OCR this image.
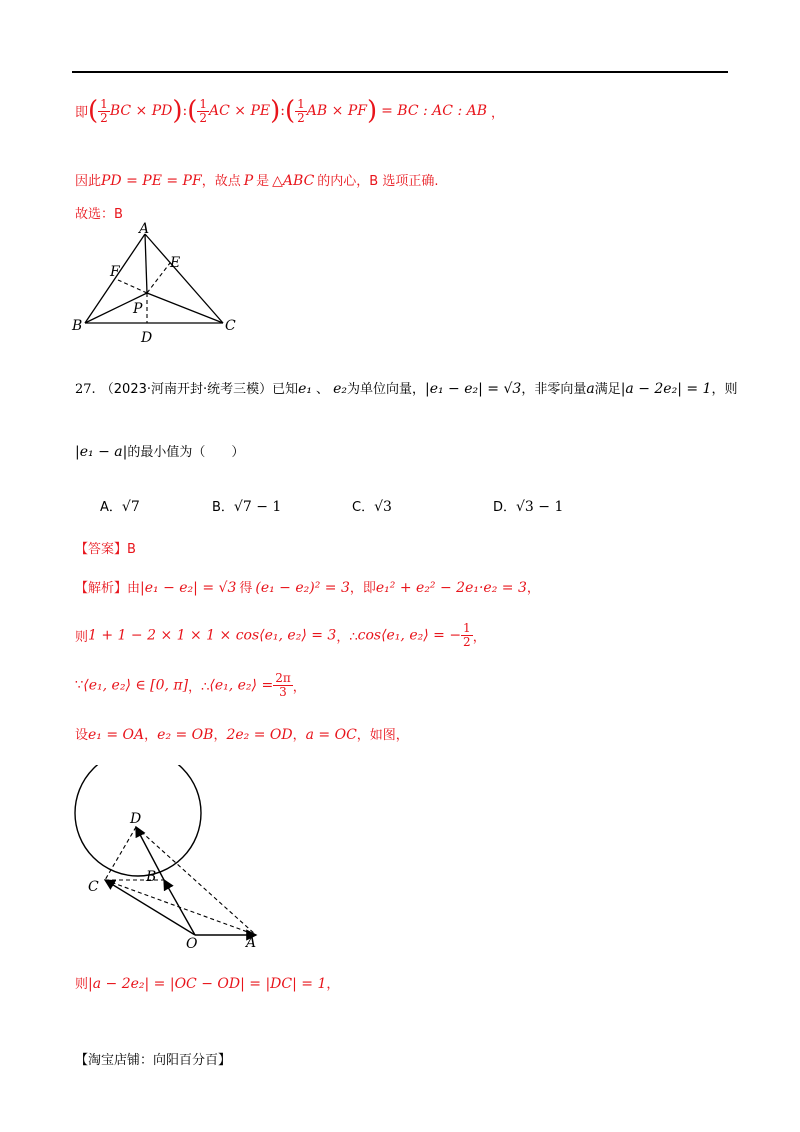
即( $\frac{1}{2}$ BC × PD):( $\frac{1}{2}$ AC × PE):( $\frac{1}{2}$ AB × PF) = BC : AC : AB ，
因此PD = PE = PF，故点 P 是 △ABC 的内心，B 选项正确.
故选：B
A
E
F
P
B
D
C
27. （2023·河南开封·统考三模）已知e₁ 、 e₂为单位向量，|e₁ − e₂| = √3，非零向量a满足|a − 2e₂| = 1，则
|e₁ − a|的最小值为（　　）
A．√7	B．√7 − 1	C．√3	D．√3 − 1
【答案】B
【解析】由|e₁ − e₂| = √3 得 (e₁ − e₂)² = 3，即e₁² + e₂² − 2e₁·e₂ = 3，
则1 + 1 − 2 × 1 × 1 × cos⟨e₁, e₂⟩ = 3，∴cos⟨e₁, e₂⟩ = − $\frac{1}{2}$ ，
∵⟨e₁, e₂⟩ ∈ [0, π]，∴⟨e₁, e₂⟩ = $\frac{2\pi}{3}$ ，
设e₁ = OA，e₂ = OB，2e₂ = OD，a = OC，如图，
D
B
C
O	A
则|a − 2e₂| = |OC − OD| = |DC| = 1，
【淘宝店铺：向阳百分百】
